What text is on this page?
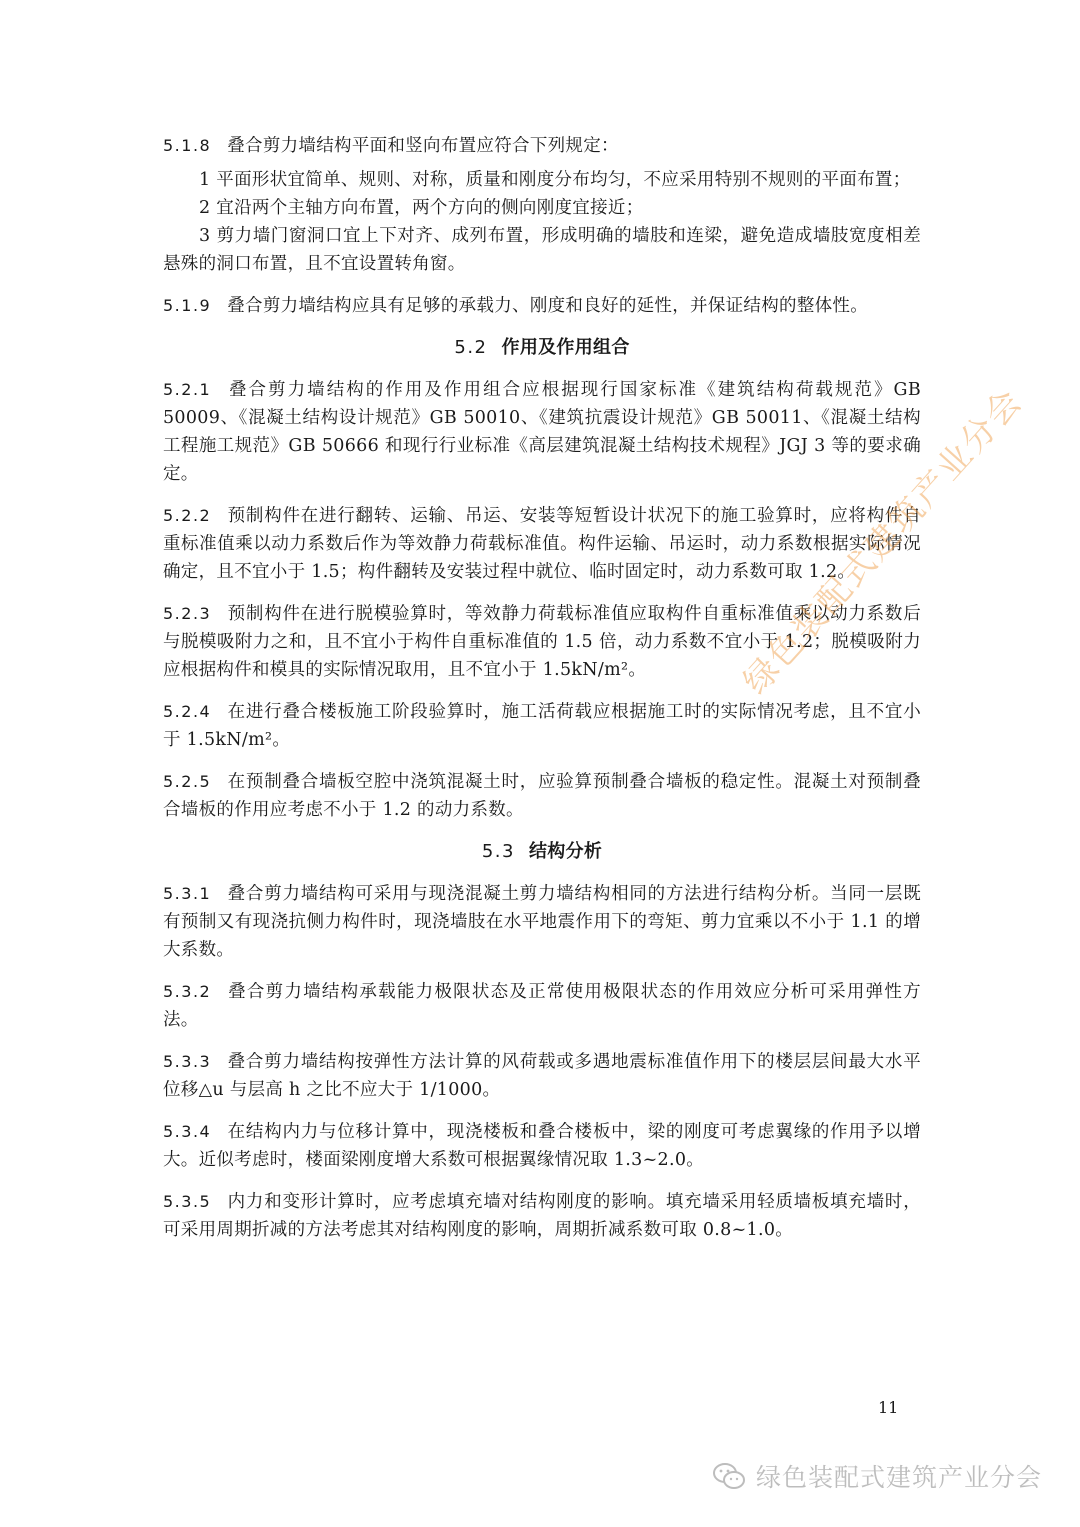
5.1.8 叠合剪力墙结构平面和竖向布置应符合下列规定：

1 平面形状宜简单、规则、对称，质量和刚度分布均匀，不应采用特别不规则的平面布置；

2 宜沿两个主轴方向布置，两个方向的侧向刚度宜接近；

3 剪力墙门窗洞口宜上下对齐、成列布置，形成明确的墙肢和连梁，避免造成墙肢宽度相差悬殊的洞口布置，且不宜设置转角窗。

5.1.9 叠合剪力墙结构应具有足够的承载力、刚度和良好的延性，并保证结构的整体性。

5.2 作用及作用组合

5.2.1 叠合剪力墙结构的作用及作用组合应根据现行国家标准《建筑结构荷载规范》GB 50009、《混凝土结构设计规范》GB 50010、《建筑抗震设计规范》GB 50011、《混凝土结构工程施工规范》GB 50666 和现行行业标准《高层建筑混凝土结构技术规程》JGJ 3 等的要求确定。

5.2.2 预制构件在进行翻转、运输、吊运、安装等短暂设计状况下的施工验算时，应将构件自重标准值乘以动力系数后作为等效静力荷载标准值。构件运输、吊运时，动力系数根据实际情况确定，且不宜小于 1.5；构件翻转及安装过程中就位、临时固定时，动力系数可取 1.2。

5.2.3 预制构件在进行脱模验算时，等效静力荷载标准值应取构件自重标准值乘以动力系数后与脱模吸附力之和，且不宜小于构件自重标准值的 1.5 倍，动力系数不宜小于 1.2；脱模吸附力应根据构件和模具的实际情况取用，且不宜小于 1.5kN/m²。

5.2.4 在进行叠合楼板施工阶段验算时，施工活荷载应根据施工时的实际情况考虑，且不宜小于 1.5kN/m²。

5.2.5 在预制叠合墙板空腔中浇筑混凝土时，应验算预制叠合墙板的稳定性。混凝土对预制叠合墙板的作用应考虑不小于 1.2 的动力系数。

5.3 结构分析

5.3.1 叠合剪力墙结构可采用与现浇混凝土剪力墙结构相同的方法进行结构分析。当同一层既有预制又有现浇抗侧力构件时，现浇墙肢在水平地震作用下的弯矩、剪力宜乘以不小于 1.1 的增大系数。

5.3.2 叠合剪力墙结构承载能力极限状态及正常使用极限状态的作用效应分析可采用弹性方法。

5.3.3 叠合剪力墙结构按弹性方法计算的风荷载或多遇地震标准值作用下的楼层层间最大水平位移△u 与层高 h 之比不应大于 1/1000。

5.3.4 在结构内力与位移计算中，现浇楼板和叠合楼板中，梁的刚度可考虑翼缘的作用予以增大。近似考虑时，楼面梁刚度增大系数可根据翼缘情况取 1.3~2.0。

5.3.5 内力和变形计算时，应考虑填充墙对结构刚度的影响。填充墙采用轻质墙板填充墙时，可采用周期折减的方法考虑其对结构刚度的影响，周期折减系数可取 0.8~1.0。

绿色装配式建筑产业分会
11
绿色装配式建筑产业分会
